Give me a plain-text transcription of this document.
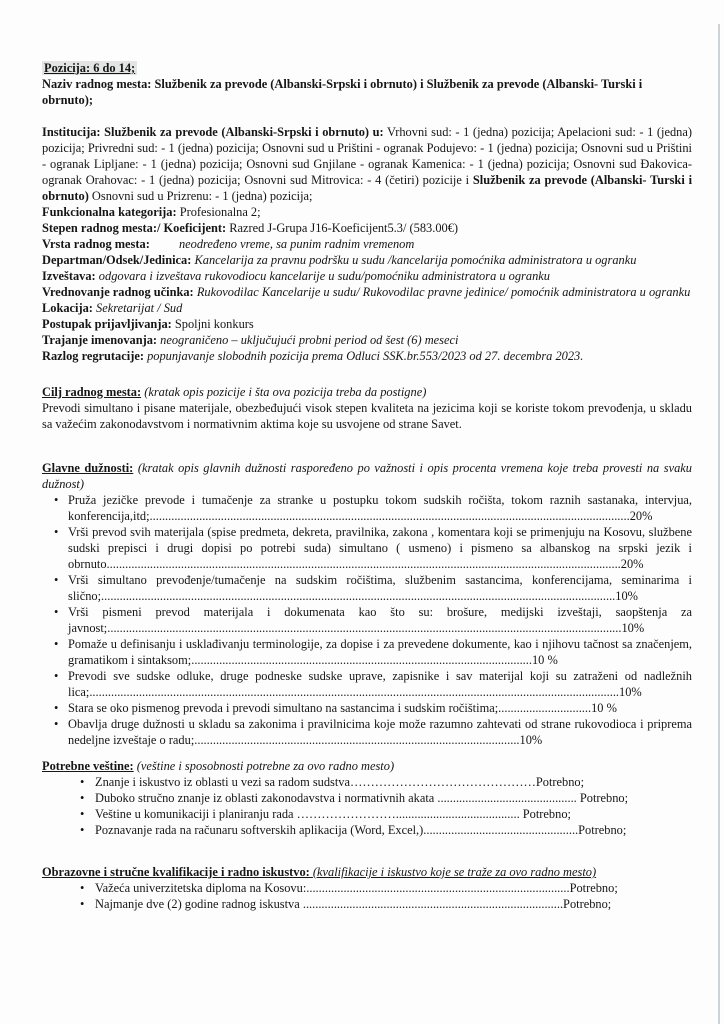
Pozicija: 6 do 14;

Naziv radnog mesta: Službenik za prevode (Albanski-Srpski i obrnuto) i Službenik za prevode (Albanski- Turski i obrnuto);

Institucija: Službenik za prevode (Albanski-Srpski i obrnuto) u: Vrhovni sud: - 1 (jedna) pozicija; Apelacioni sud: - 1 (jedna) pozicija; Privredni sud: - 1 (jedna) pozicija; Osnovni sud u Prištini - ogranak Podujevo: - 1 (jedna) pozicija; Osnovni sud u Prištini - ogranak Lipljane: - 1 (jedna) pozicija; Osnovni sud Gnjilane - ogranak Kamenica: - 1 (jedna) pozicija; Osnovni sud Đakovica- ogranak Orahovac: - 1 (jedna) pozicija; Osnovni sud Mitrovica: - 4 (četiri) pozicije i Službenik za prevode (Albanski- Turski i obrnuto) Osnovni sud u Prizrenu: - 1 (jedna) pozicija;

Funkcionalna kategorija: Profesionalna 2;

Stepen radnog mesta:/ Koeficijent: Razred J-Grupa J16-Koeficijent5.3/ (583.00€)

Vrsta radnog mesta: neodređeno vreme, sa punim radnim vremenom

Departman/Odsek/Jedinica: Kancelarija za pravnu podršku u sudu /kancelarija pomoćnika administratora u ogranku

Izveštava: odgovara i izveštava rukovodiocu kancelarije u sudu/pomoćniku administratora u ogranku

Vrednovanje radnog učinka: Rukovodilac Kancelarije u sudu/ Rukovodilac pravne jedinice/ pomoćnik administratora u ogranku

Lokacija: Sekretarijat / Sud

Postupak prijavljivanja: Spoljni konkurs

Trajanje imenovanja: neograničeno – uključujući probni period od šest (6) meseci

Razlog regrutacije: popunjavanje slobodnih pozicija prema Odluci SSK.br.553/2023 od 27. decembra 2023.

Cilj radnog mesta: (kratak opis pozicije i šta ova pozicija treba da postigne)

Prevodi simultano i pisane materijale, obezbeđujući visok stepen kvaliteta na jezicima koji se koriste tokom prevođenja, u skladu sa važećim zakonodavstvom i normativnim aktima koje su usvojene od strane Savet.

Glavne dužnosti: (kratak opis glavnih dužnosti raspoređeno po važnosti i opis procenta vremena koje treba provesti na svaku dužnost)

• Pruža jezičke prevode i tumačenje za stranke u postupku tokom sudskih ročišta, tokom raznih sastanaka, intervjua, konferencija,itd;...........................................................................................................................................................20%
• Vrši prevod svih materijala (spise predmeta, dekreta, pravilnika, zakona , komentara koji se primenjuju na Kosovu, službene sudski prepisci i drugi dopisi po potrebi suda) simultano ( usmeno) i pismeno sa albanskog na srpski jezik i obrnuto......................................................................................................................................................................20%
• Vrši simultano prevođenje/tumačenje na sudskim ročištima, službenim sastancima, konferencijama, seminarima i slično;......................................................................................................................................................................10%
• Vrši pismeni prevod materijala i dokumenata kao što su: brošure, medijski izveštaji, saopštenja za javnost;......................................................................................................................................................................10%
• Pomaže u definisanju i usklađivanju terminologije, za dopise i za prevedene dokumente, kao i njihovu tačnost sa značenjem, gramatikom i sintaksom;..............................................................................................................10 %
• Prevodi sve sudske odluke, druge podneske sudske uprave, zapisnike i sav materijal koji su zatraženi od nadležnih lica;...........................................................................................................................................................................10%
• Stara se oko pismenog prevoda i prevodi simultano na sastancima i sudskim ročištima;..............................10 %
• Obavlja druge dužnosti u skladu sa zakonima i pravilnicima koje može razumno zahtevati od strane rukovodioca i priprema nedeljne izveštaje o radu;.........................................................................................................10%

Potrebne veštine: (veštine i sposobnosti potrebne za ovo radno mesto)

• Znanje i iskustvo iz oblasti u vezi sa radom sudstva………………………………………Potrebno;
• Duboko stručno znanje iz oblasti zakonodavstva i normativnih akata ............................................. Potrebno;
• Veštine u komunikaciji i planiranju rada ……………………........................................ Potrebno;
• Poznavanje rada na računaru softverskih aplikacija (Word, Excel,)..................................................Potrebno;

Obrazovne i stručne kvalifikacije i radno iskustvo: (kvalifikacije i iskustvo koje se traže za ovo radno mesto)

• Važeća univerzitetska diploma na Kosovu:.....................................................................................Potrebno;
• Najmanje dve (2) godine radnog iskustva ....................................................................................Potrebno;
